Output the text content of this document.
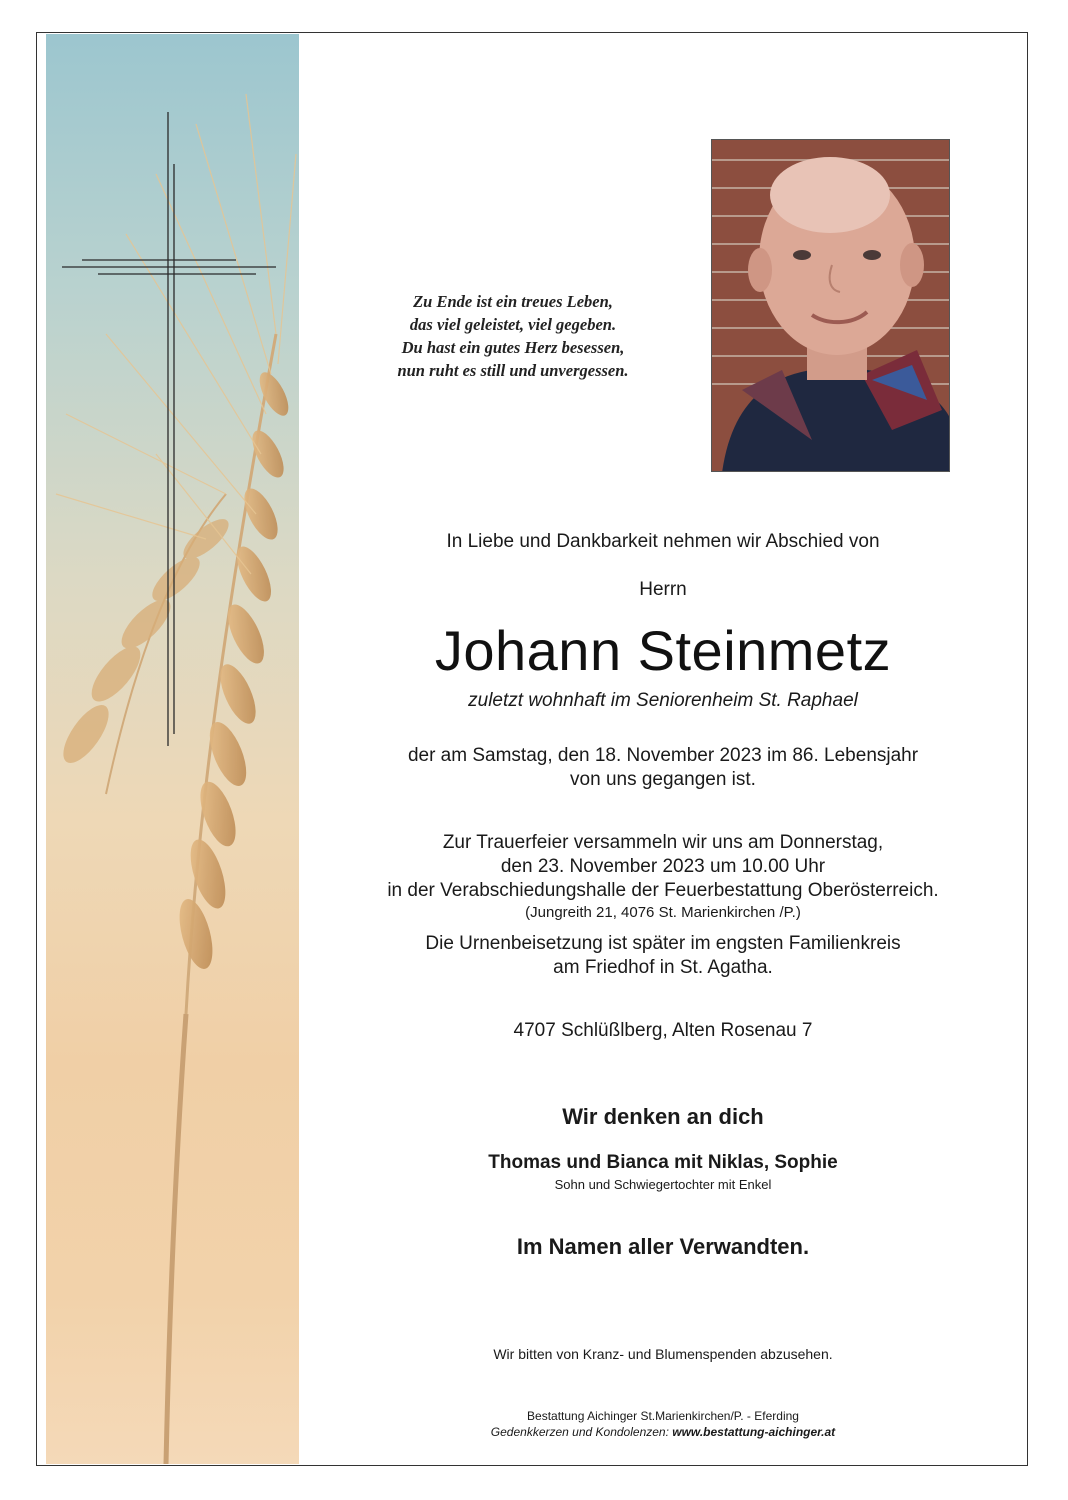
Zu Ende ist ein treues Leben,
das viel geleistet, viel gegeben.
Du hast ein gutes Herz besessen,
nun ruht es still und unvergessen.
In Liebe und Dankbarkeit nehmen wir Abschied von
Herrn
Johann Steinmetz
zuletzt wohnhaft im Seniorenheim St. Raphael
der am Samstag, den 18. November 2023 im 86. Lebensjahr
von uns gegangen ist.
Zur Trauerfeier versammeln wir uns am Donnerstag,
den 23. November 2023 um 10.00 Uhr
in der Verabschiedungshalle der Feuerbestattung Oberösterreich.
(Jungreith 21, 4076 St. Marienkirchen /P.)
Die Urnenbeisetzung ist später im engsten Familienkreis
am Friedhof in St. Agatha.
4707 Schlüßlberg, Alten Rosenau 7
Wir denken an dich
Thomas und Bianca mit Niklas, Sophie
Sohn und Schwiegertochter mit Enkel
Im Namen aller Verwandten.
Wir bitten von Kranz- und Blumenspenden abzusehen.
Bestattung Aichinger St.Marienkirchen/P. - Eferding
Gedenkkerzen und Kondolenzen: www.bestattung-aichinger.at
